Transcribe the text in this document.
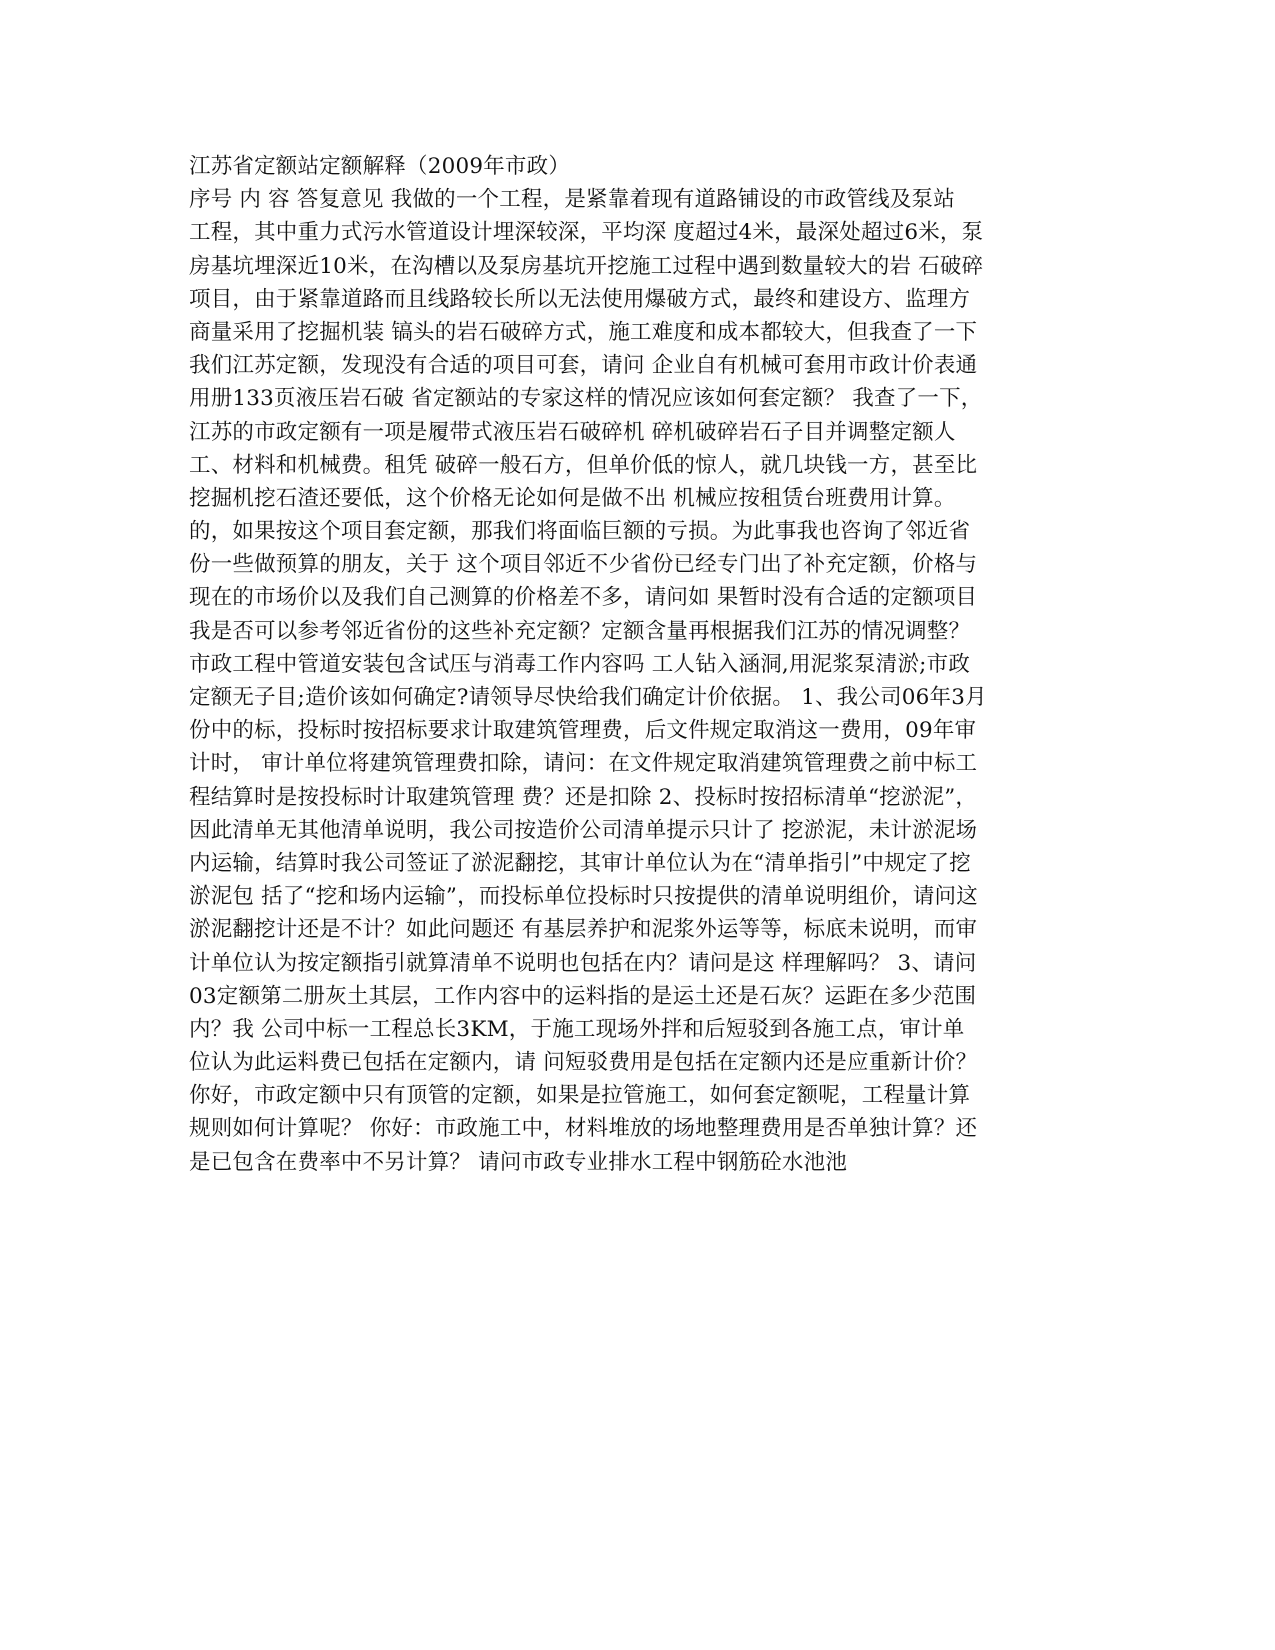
江苏省定额站定额解释（2009年市政）
序号 内 容 答复意见 我做的一个工程，是紧靠着现有道路铺设的市政管线及泵站
工程，其中重力式污水管道设计埋深较深，平均深 度超过4米，最深处超过6米，泵
房基坑埋深近10米，在沟槽以及泵房基坑开挖施工过程中遇到数量较大的岩 石破碎
项目，由于紧靠道路而且线路较长所以无法使用爆破方式，最终和建设方、监理方
商量采用了挖掘机装 镐头的岩石破碎方式，施工难度和成本都较大，但我查了一下
我们江苏定额，发现没有合适的项目可套，请问 企业自有机械可套用市政计价表通
用册133页液压岩石破 省定额站的专家这样的情况应该如何套定额？ 我查了一下，
江苏的市政定额有一项是履带式液压岩石破碎机 碎机破碎岩石子目并调整定额人
工、材料和机械费。租凭 破碎一般石方，但单价低的惊人，就几块钱一方，甚至比
挖掘机挖石渣还要低，这个价格无论如何是做不出 机械应按租赁台班费用计算。
的，如果按这个项目套定额，那我们将面临巨额的亏损。为此事我也咨询了邻近省
份一些做预算的朋友，关于 这个项目邻近不少省份已经专门出了补充定额，价格与
现在的市场价以及我们自己测算的价格差不多，请问如 果暂时没有合适的定额项目
我是否可以参考邻近省份的这些补充定额？定额含量再根据我们江苏的情况调整？
市政工程中管道安装包含试压与消毒工作内容吗 工人钻入涵洞,用泥浆泵清淤;市政
定额无子目;造价该如何确定?请领导尽快给我们确定计价依据。 1、我公司06年3月
份中的标，投标时按招标要求计取建筑管理费，后文件规定取消这一费用，09年审
计时， 审计单位将建筑管理费扣除，请问：在文件规定取消建筑管理费之前中标工
程结算时是按投标时计取建筑管理 费？还是扣除 2、投标时按招标清单“挖淤泥”，
因此清单无其他清单说明，我公司按造价公司清单提示只计了 挖淤泥，未计淤泥场
内运输，结算时我公司签证了淤泥翻挖，其审计单位认为在“清单指引”中规定了挖
淤泥包 括了“挖和场内运输”，而投标单位投标时只按提供的清单说明组价，请问这
淤泥翻挖计还是不计？如此问题还 有基层养护和泥浆外运等等，标底未说明，而审
计单位认为按定额指引就算清单不说明也包括在内？请问是这 样理解吗？ 3、请问
03定额第二册灰土其层，工作内容中的运料指的是运土还是石灰？运距在多少范围
内？我 公司中标一工程总长3KM，于施工现场外拌和后短驳到各施工点，审计单
位认为此运料费已包括在定额内，请 问短驳费用是包括在定额内还是应重新计价？
你好，市政定额中只有顶管的定额，如果是拉管施工，如何套定额呢，工程量计算
规则如何计算呢？ 你好：市政施工中，材料堆放的场地整理费用是否单独计算？还
是已包含在费率中不另计算？ 请问市政专业排水工程中钢筋砼水池池
